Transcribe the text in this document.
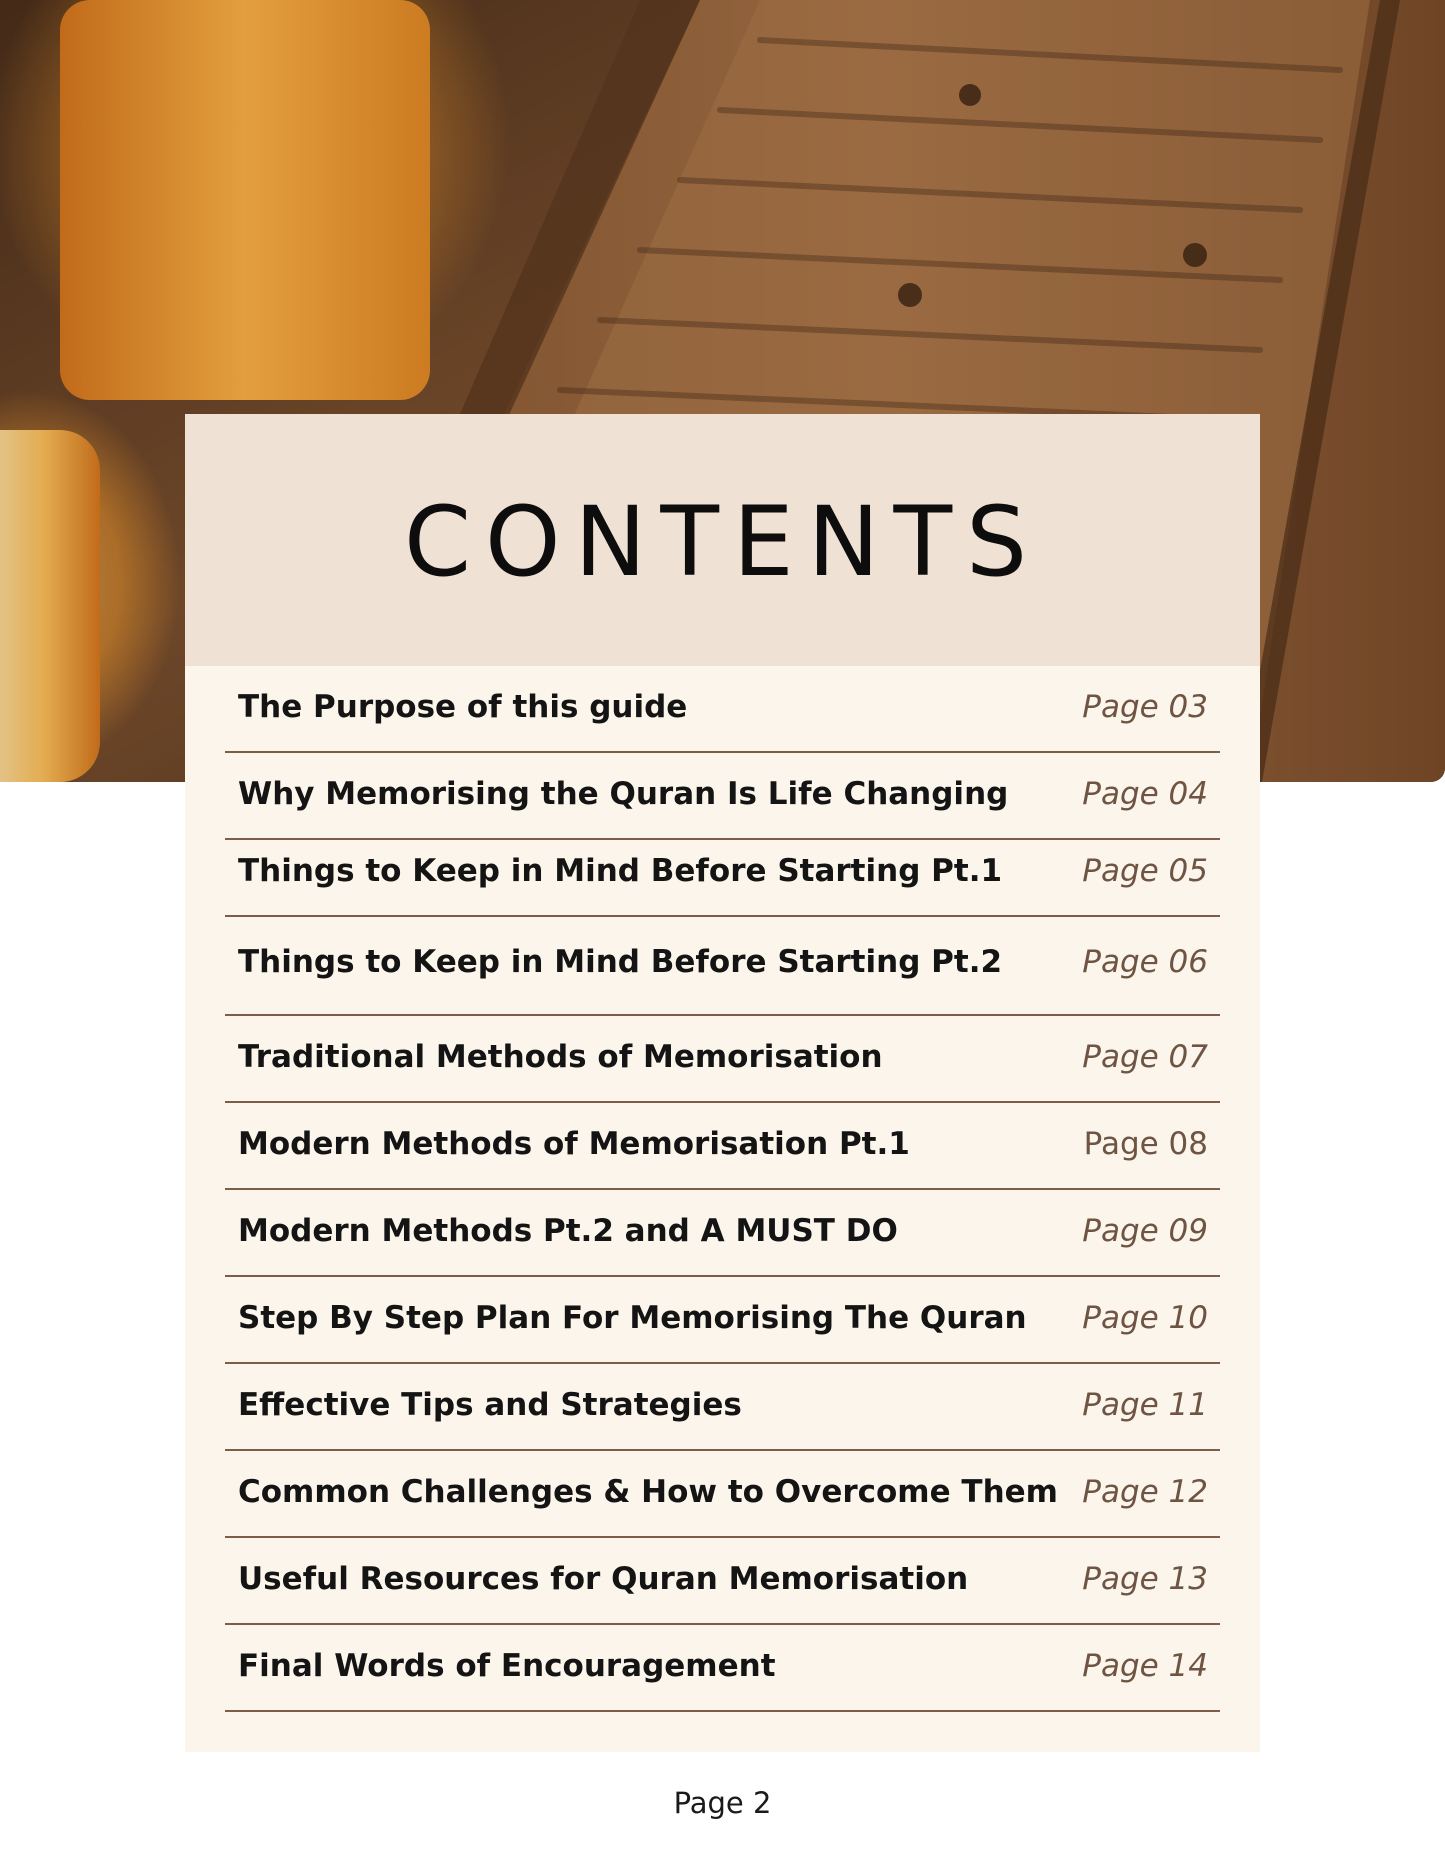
CONTENTS
The Purpose of this guide	Page 03
Why Memorising the Quran Is Life Changing Page 04
Things to Keep in Mind Before Starting Pt.1	Page 05
Things to Keep in Mind Before Starting Pt.2	Page 06
Traditional Methods of Memorisation	Page 07
Modern Methods of Memorisation Pt.1	Page 08
Modern Methods Pt.2 and A MUST DO	Page 09
Step By Step Plan For Memorising The Quran Page 10
Effective Tips and Strategies	Page 11
Common Challenges & How to Overcome Them Page 12
Useful Resources for Quran Memorisation	Page 13
Final Words of Encouragement	Page 14
Page 2
